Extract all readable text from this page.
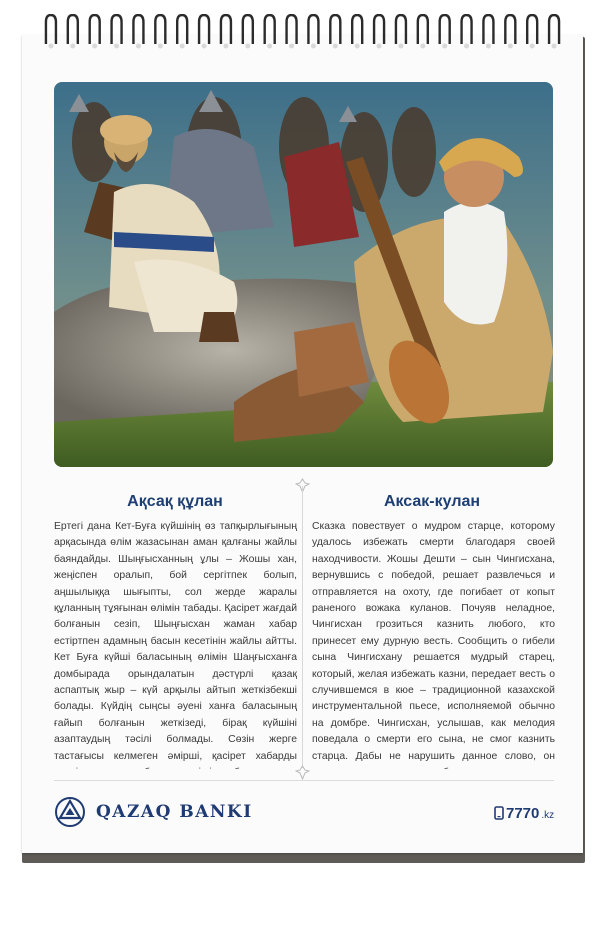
Ақсақ құлан
Ертегі дана Кет-Буға күйшінің өз тапқырлығының арқасында өлім жазасынан аман қалғаны жайлы баяндайды. Шыңғысханның ұлы – Жошы хан, жеңіспен оралып, бой сергітпек болып, аңшылыққа шығыпты, сол жерде жаралы құланның тұяғынан өлімін табады. Қасірет жағдай болғанын сезіп, Шыңғысхан жаман хабар естіртпен адамның басын кесетінін жайлы айтты. Кет Буға күйші баласының өлімін Шаңғысханға домбырада орындалатын дәстүрлі қазақ аспаптық жыр – күй арқылы айтып жеткізбекші болады. Күйдің сыңсы әуені ханға баласының ғайып болғанын жеткізеді, бірақ күйшіні азаптаудың тәсілі болмады. Сөзін жерге тастағысы келмеген әмірші, қасірет хабарды
Аксак-кулан
Сказка повествует о мудром старце, которому удалось избежать смерти благодаря своей находчивости. Жошы Дешти – сын Чингисхана, вернувшись с победой, решает развлечься и отправляется на охоту, где погибает от копыт раненого вожака куланов. Почуяв неладное, Чингисхан грозиться казнить любого, кто принесет ему дурную весть. Сообщить о гибели сына Чингисхану решается мудрый старец, который, желая избежать казни, передает весть о случившемся в кюе – традиционной казахской инструментальной пьесе, исполняемой обычно на домбре. Чингисхан, услышав, как мелодия поведала о смерти его сына, не смог казнить старца. Дабы не нарушить данное слово, он
QAZAQ BANKI	7770 .kz
